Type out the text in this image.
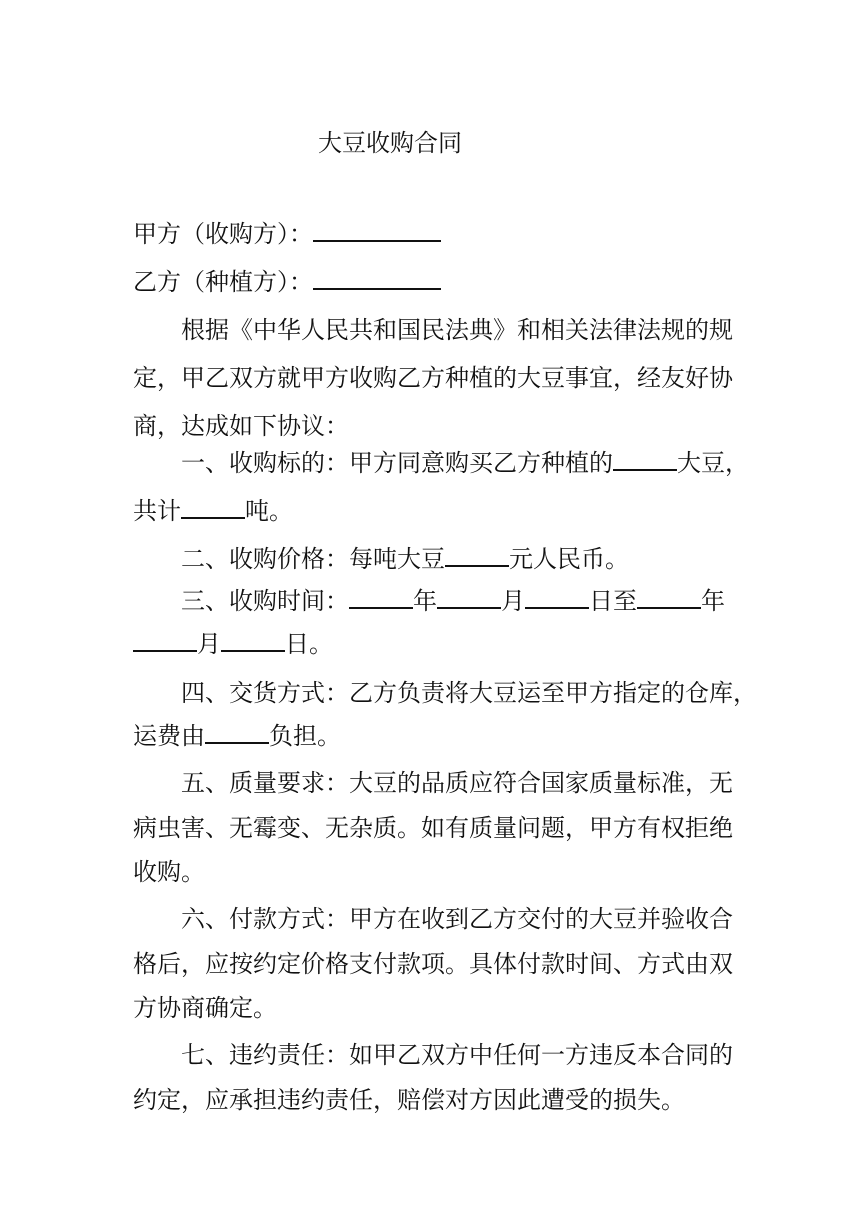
大豆收购合同
甲方（收购方）：
乙方（种植方）：
根据《中华人民共和国民法典》和相关法律法规的规
定，甲乙双方就甲方收购乙方种植的大豆事宜，经友好协
商，达成如下协议：
一、收购标的：甲方同意购买乙方种植的	大豆，
共计	吨。
二、收购价格：每吨大豆	元人民币。
三、收购时间：	年	月	日至	年
月	日。
四、交货方式：乙方负责将大豆运至甲方指定的仓库，
运费由	负担。
五、质量要求：大豆的品质应符合国家质量标准，无
病虫害、无霉变、无杂质。如有质量问题，甲方有权拒绝
收购。
六、付款方式：甲方在收到乙方交付的大豆并验收合
格后，应按约定价格支付款项。具体付款时间、方式由双
方协商确定。
七、违约责任：如甲乙双方中任何一方违反本合同的
约定，应承担违约责任，赔偿对方因此遭受的损失。
